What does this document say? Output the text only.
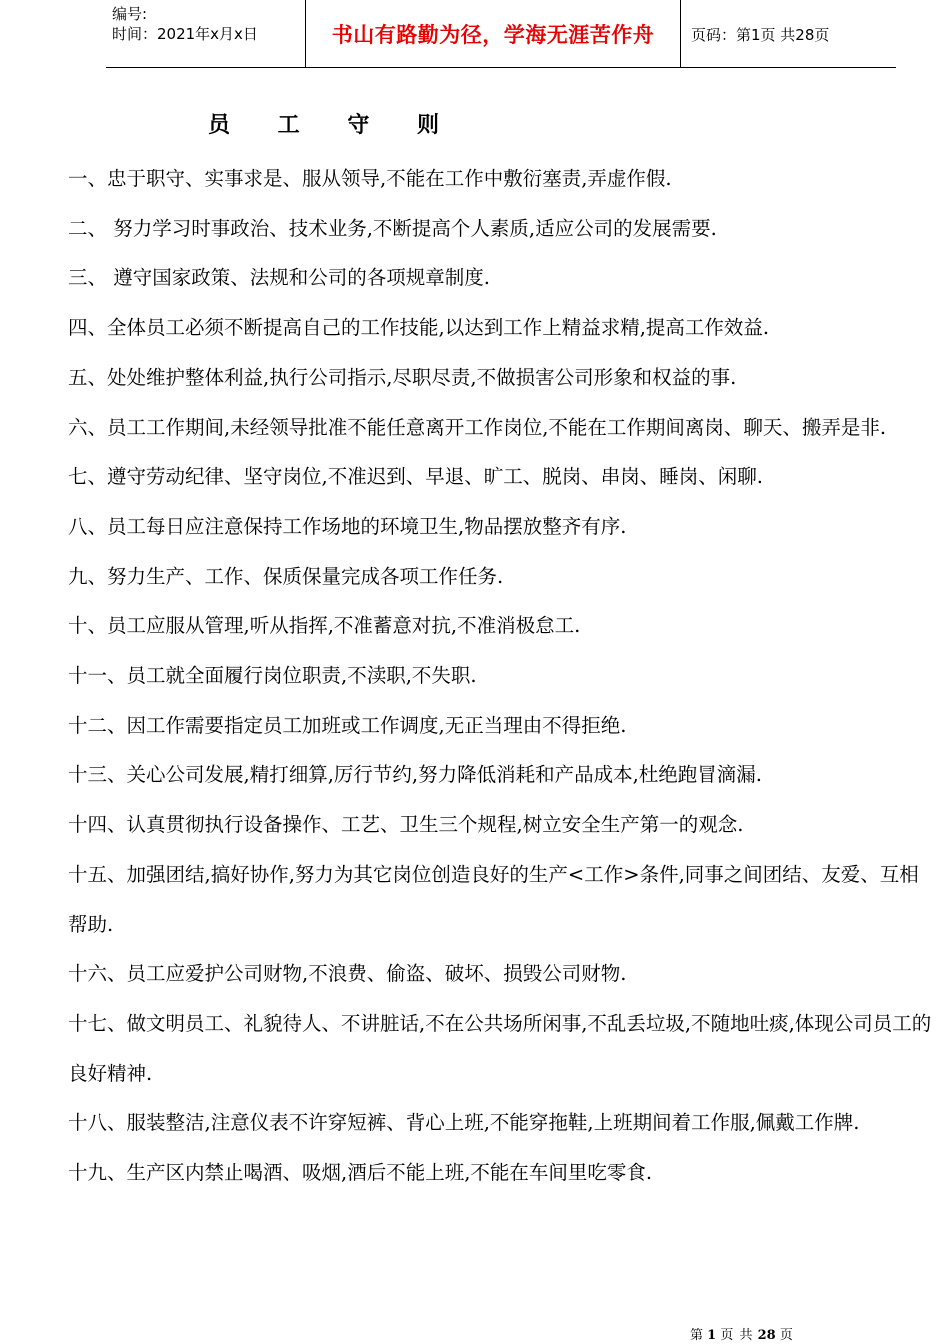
编号:
时间：2021年x月x日	书山有路勤为径，学海无涯苦作舟	页码：第1页 共28页
员 工 守 则
一、忠于职守、实事求是、服从领导,不能在工作中敷衍塞责,弄虚作假.
二、 努力学习时事政治、技术业务,不断提高个人素质,适应公司的发展需要.
三、 遵守国家政策、法规和公司的各项规章制度.
四、全体员工必须不断提高自己的工作技能,以达到工作上精益求精,提高工作效益.
五、处处维护整体利益,执行公司指示,尽职尽责,不做损害公司形象和权益的事.
六、员工工作期间,未经领导批准不能任意离开工作岗位,不能在工作期间离岗、聊天、搬弄是非.
七、遵守劳动纪律、坚守岗位,不准迟到、早退、旷工、脱岗、串岗、睡岗、闲聊.
八、员工每日应注意保持工作场地的环境卫生,物品摆放整齐有序.
九、努力生产、工作、保质保量完成各项工作任务.
十、员工应服从管理,听从指挥,不准蓄意对抗,不准消极怠工.
十一、员工就全面履行岗位职责,不渎职,不失职.
十二、因工作需要指定员工加班或工作调度,无正当理由不得拒绝.
十三、关心公司发展,精打细算,厉行节约,努力降低消耗和产品成本,杜绝跑冒滴漏.
十四、认真贯彻执行设备操作、工艺、卫生三个规程,树立安全生产第一的观念.
十五、加强团结,搞好协作,努力为其它岗位创造良好的生产<工作>条件,同事之间团结、友爱、互相帮助.
十六、员工应爱护公司财物,不浪费、偷盗、破坏、损毁公司财物.
十七、做文明员工、礼貌待人、不讲脏话,不在公共场所闲事,不乱丢垃圾,不随地吐痰,体现公司员工的良好精神.
十八、服装整洁,注意仪表不许穿短裤、背心上班,不能穿拖鞋,上班期间着工作服,佩戴工作牌.
十九、生产区内禁止喝酒、吸烟,酒后不能上班,不能在车间里吃零食.
第 1 页 共 28 页
